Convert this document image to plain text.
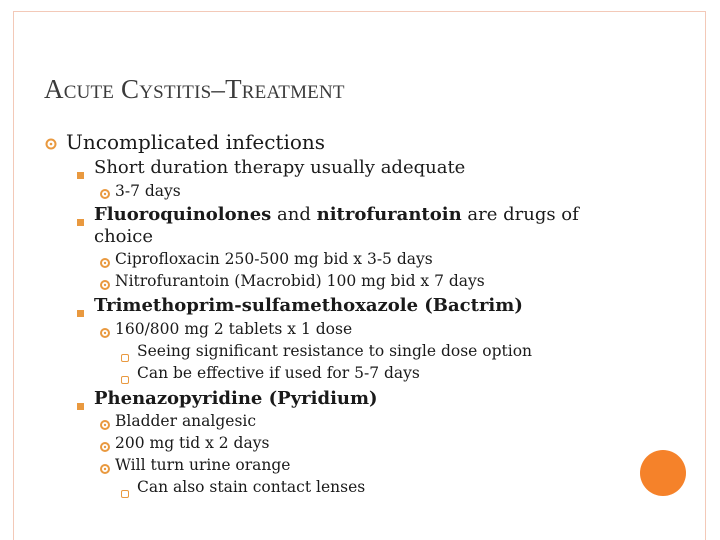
Acute Cystitis–Treatment
Uncomplicated infections
Short duration therapy usually adequate
3-7 days
Fluoroquinolones and nitrofurantoin are drugs of
choice
Ciprofloxacin 250-500 mg bid x 3-5 days
Nitrofurantoin (Macrobid) 100 mg bid x 7 days
Trimethoprim-sulfamethoxazole (Bactrim)
160/800 mg 2 tablets x 1 dose
Seeing significant resistance to single dose option
Can be effective if used for 5-7 days
Phenazopyridine (Pyridium)
Bladder analgesic
200 mg tid x 2 days
Will turn urine orange
Can also stain contact lenses
